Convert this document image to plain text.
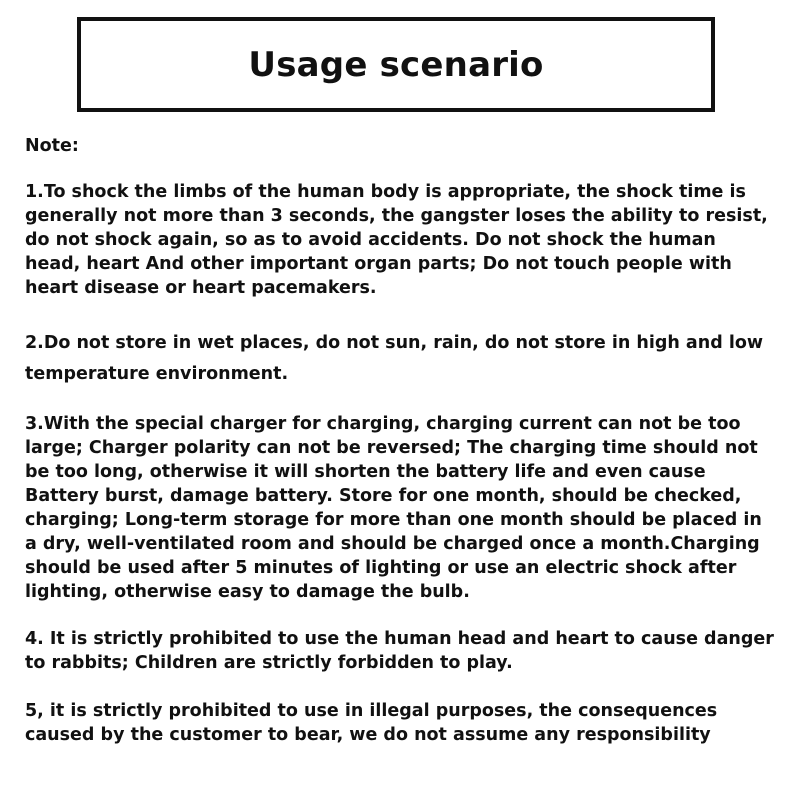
Usage scenario

Note:

1.To shock the limbs of the human body is appropriate, the shock time is
generally not more than 3 seconds, the gangster loses the ability to resist,
do not shock again, so as to avoid accidents. Do not shock the human
head, heart And other important organ parts; Do not touch people with
heart disease or heart pacemakers.

2.Do not store in wet places, do not sun, rain, do not store in high and low
temperature environment.

3.With the special charger for charging, charging current can not be too
large; Charger polarity can not be reversed; The charging time should not
be too long, otherwise it will shorten the battery life and even cause
Battery burst, damage battery. Store for one month, should be checked,
charging; Long-term storage for more than one month should be placed in
a dry, well-ventilated room and should be charged once a month.Charging
should be used after 5 minutes of lighting or use an electric shock after
lighting, otherwise easy to damage the bulb.

4. It is strictly prohibited to use the human head and heart to cause danger
to rabbits; Children are strictly forbidden to play.

5, it is strictly prohibited to use in illegal purposes, the consequences
caused by the customer to bear, we do not assume any responsibility
